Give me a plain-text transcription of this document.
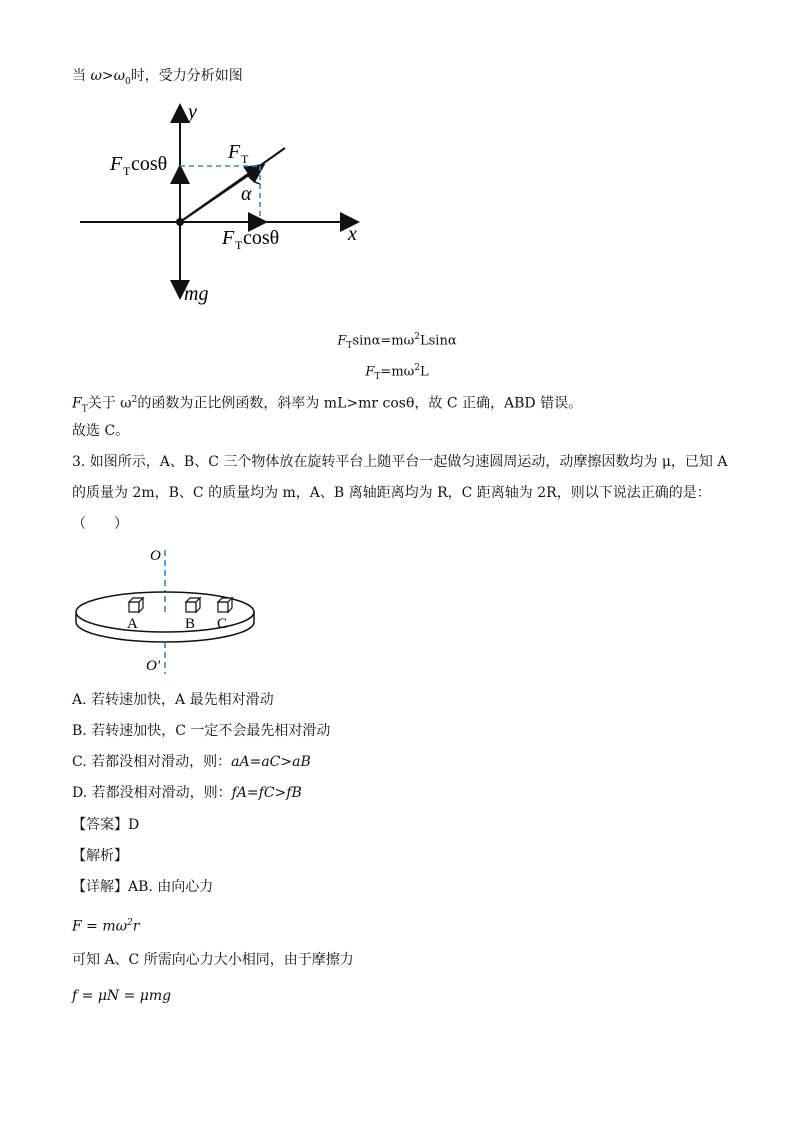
当 $\omega>\omega_0$时，受力分析如图
y
x
F T
α
mg
F T cosθ
F T cosθ
$F_T\sin\alpha=m\omega^2Lsin\alpha$
$F_T=m\omega^2L$
$F_T$关于 $\omega^2$的函数为正比例函数，斜率为 mL>mr cosθ，故 C 正确，ABD 错误。
故选 C。
3. 如图所示，A、B、C 三个物体放在旋转平台上随平台一起做匀速圆周运动，动摩擦因数均为 μ，已知 A
的质量为 2m，B、C 的质量均为 m，A、B 离轴距离均为 R，C 距离轴为 2R，则以下说法正确的是：
（　　）
O
O′
A	B C
A. 若转速加快，A 最先相对滑动
B. 若转速加快，C 一定不会最先相对滑动
C. 若都没相对滑动，则：aA=aC>aB
D. 若都没相对滑动，则：fA=fC>fB
【答案】D
【解析】
【详解】AB. 由向心力
$F = m\omega^2r$
可知 A、C 所需向心力大小相同，由于摩擦力
f = μN = μmg
